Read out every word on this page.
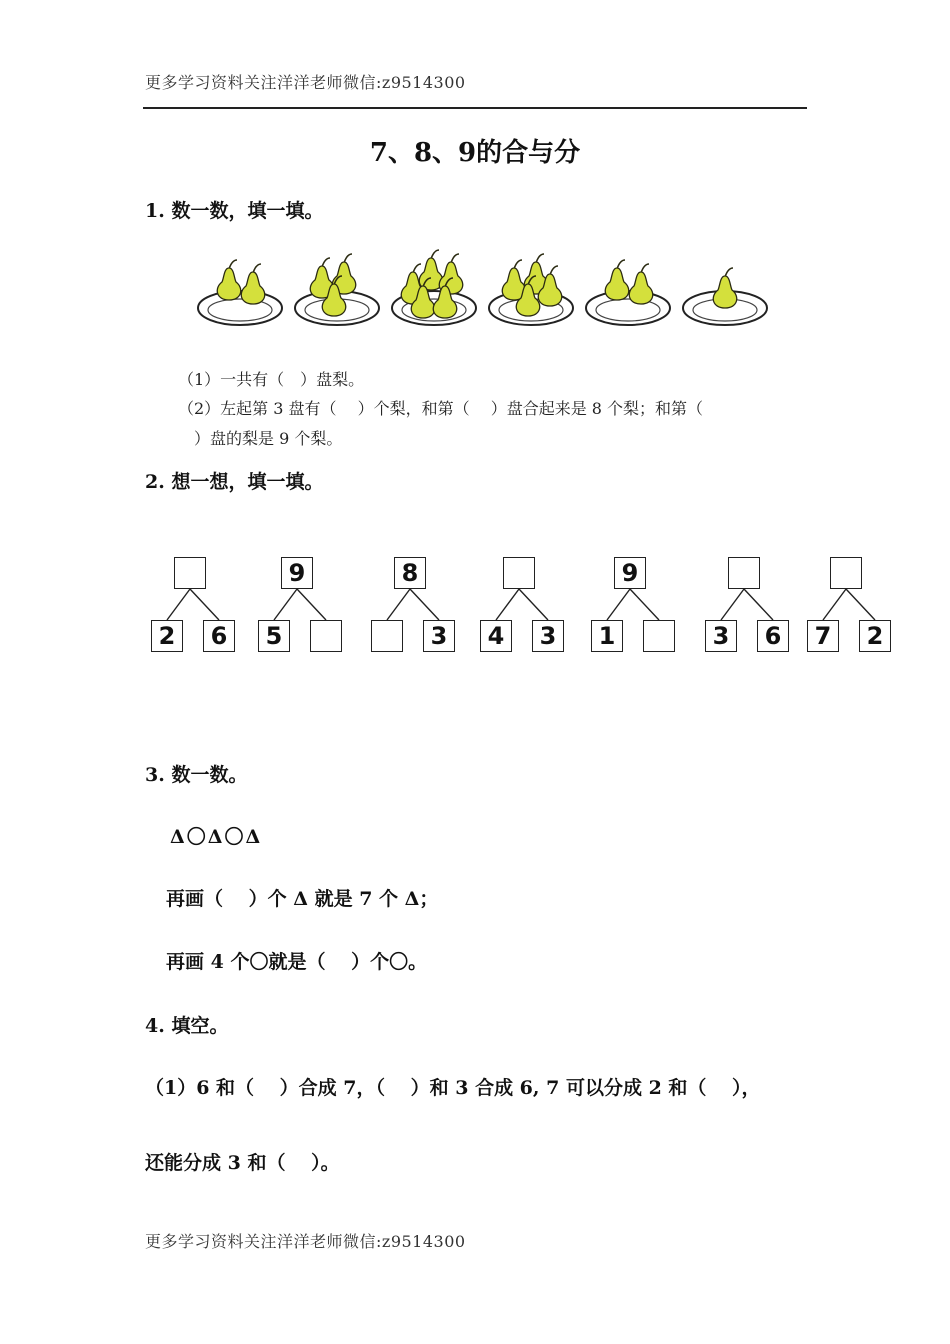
更多学习资料关注洋洋老师微信:z9514300
7、8、9的合与分
1. 数一数，填一填。
（1）一共有（　）盘梨。
（2）左起第 3 盘有（　 ）个梨，和第（　 ）盘合起来是 8 个梨；和第（
　）盘的梨是 9 个梨。
2. 想一想，填一填。
2	6
9
5
8
3	4	3
9
1	3	6	7	2
3. 数一数。
Δ〇Δ〇Δ
再画（　 ）个 Δ 就是 7 个 Δ；
再画 4 个〇就是（　 ）个〇。
4. 填空。
（1）6 和（　 ）合成 7，（　 ）和 3 合成 6, 7 可以分成 2 和（　 ），
还能分成 3 和（　 ）。
更多学习资料关注洋洋老师微信:z9514300
